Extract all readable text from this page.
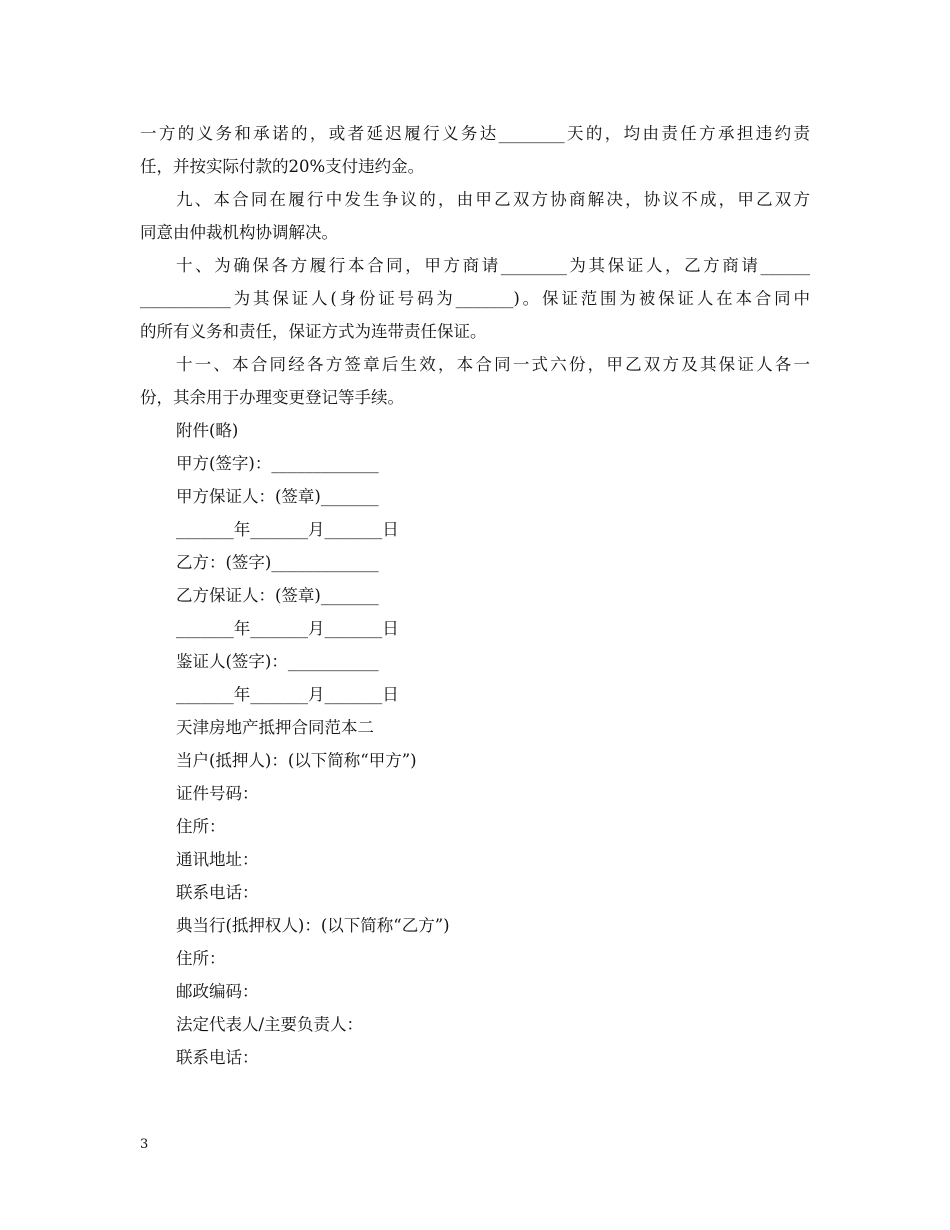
一方的义务和承诺的，或者延迟履行义务达________天的，均由责任方承担违约责
任，并按实际付款的20%支付违约金。
九、本合同在履行中发生争议的，由甲乙双方协商解决，协议不成，甲乙双方
同意由仲裁机构协调解决。
十、为确保各方履行本合同，甲方商请________为其保证人，乙方商请______
___________为其保证人(身份证号码为_______)。保证范围为被保证人在本合同中
的所有义务和责任，保证方式为连带责任保证。
十一、本合同经各方签章后生效，本合同一式六份，甲乙双方及其保证人各一
份，其余用于办理变更登记等手续。
附件(略)
甲方(签字)：_____________
甲方保证人：(签章)_______
_______年_______月_______日
乙方：(签字)_____________
乙方保证人：(签章)_______
_______年_______月_______日
鉴证人(签字)：___________
_______年_______月_______日
天津房地产抵押合同范本二
当户(抵押人)：(以下简称“甲方”)
证件号码：
住所：
通讯地址：
联系电话：
典当行(抵押权人)：(以下简称“乙方”)
住所：
邮政编码：
法定代表人/主要负责人：
联系电话：
3
